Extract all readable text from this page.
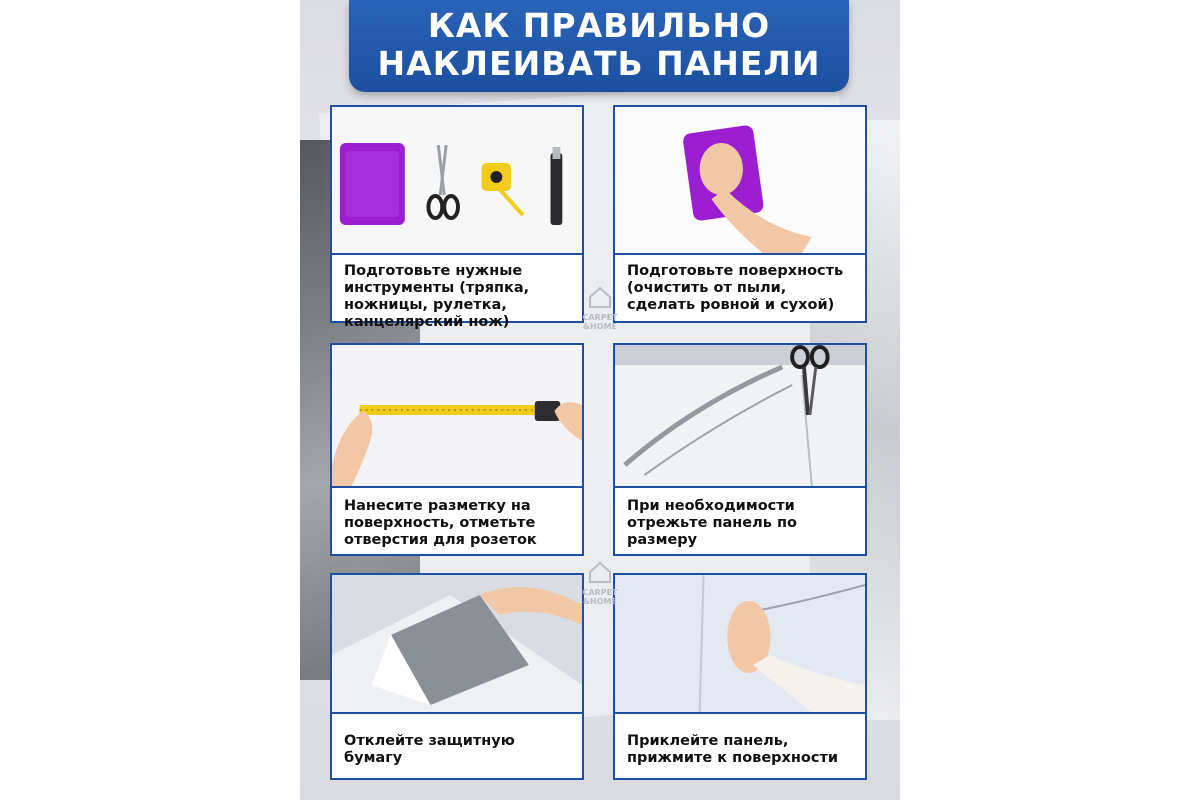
КАК ПРАВИЛЬНО
НАКЛЕИВАТЬ ПАНЕЛИ
Подготовьте нужные инструменты (тряпка, ножницы, рулетка, канцелярский нож)
Подготовьте поверхность (очистить от пыли, сделать ровной и сухой)
Нанесите разметку на поверхность, отметьте отверстия для розеток
При необходимости отрежьте панель по размеру
Отклейте защитную бумагу
Приклейте панель, прижмите к поверхности
CARPET
&HOME
CARPET
&HOME
